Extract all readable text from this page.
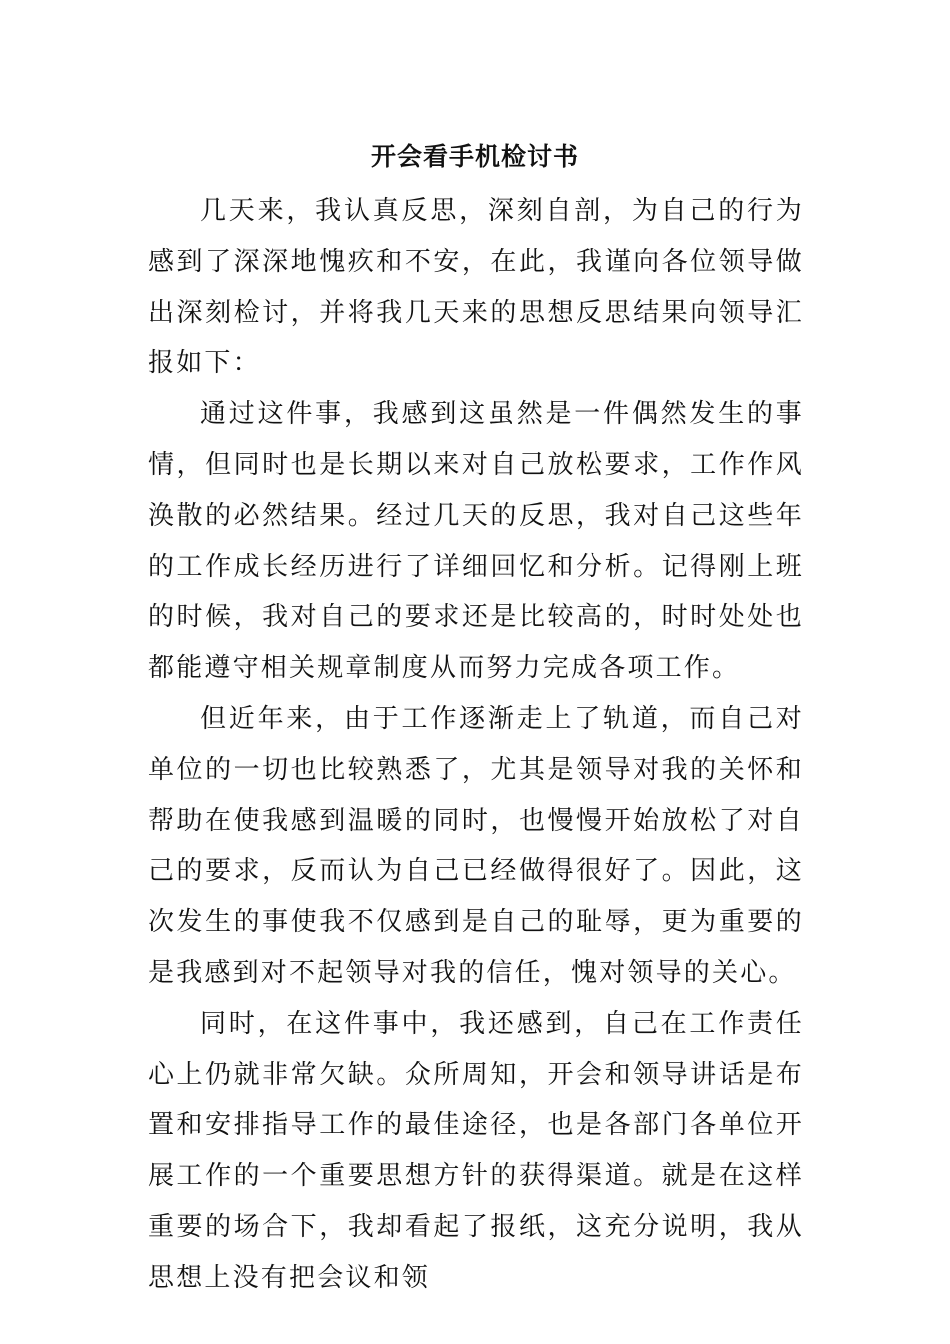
开会看手机检讨书

几天来，我认真反思，深刻自剖，为自己的行为感到了深深地愧疚和不安，在此，我谨向各位领导做出深刻检讨，并将我几天来的思想反思结果向领导汇报如下：

通过这件事，我感到这虽然是一件偶然发生的事情，但同时也是长期以来对自己放松要求，工作作风涣散的必然结果。经过几天的反思，我对自己这些年的工作成长经历进行了详细回忆和分析。记得刚上班的时候，我对自己的要求还是比较高的，时时处处也都能遵守相关规章制度从而努力完成各项工作。

但近年来，由于工作逐渐走上了轨道，而自己对单位的一切也比较熟悉了，尤其是领导对我的关怀和帮助在使我感到温暖的同时，也慢慢开始放松了对自己的要求，反而认为自己已经做得很好了。因此，这次发生的事使我不仅感到是自己的耻辱，更为重要的是我感到对不起领导对我的信任，愧对领导的关心。

同时，在这件事中，我还感到，自己在工作责任心上仍就非常欠缺。众所周知，开会和领导讲话是布置和安排指导工作的最佳途径，也是各部门各单位开展工作的一个重要思想方针的获得渠道。就是在这样重要的场合下，我却看起了报纸，这充分说明，我从思想上没有把会议和领
